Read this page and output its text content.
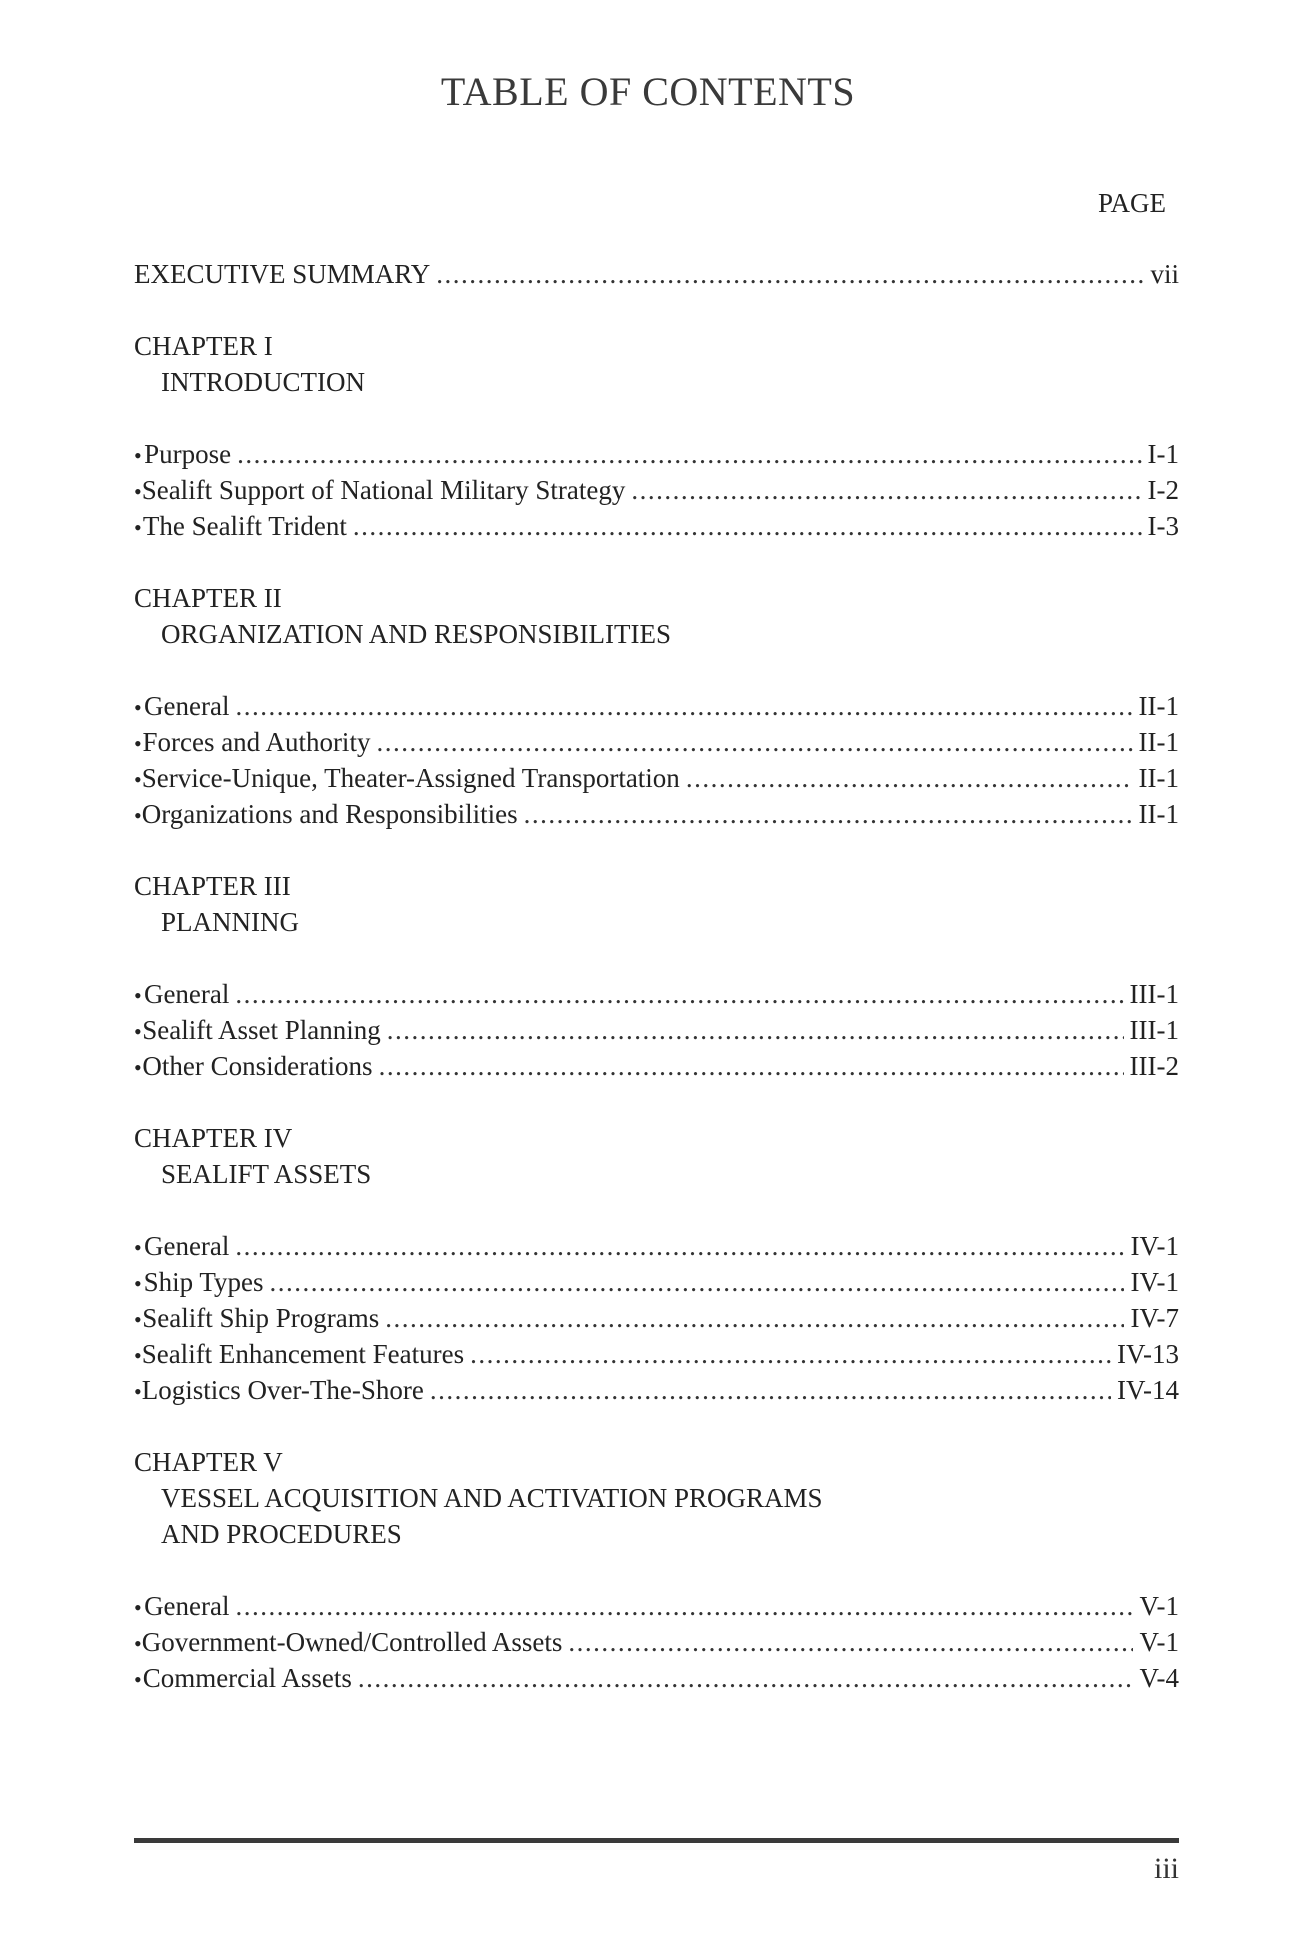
TABLE OF CONTENTS
PAGE
EXECUTIVE SUMMARY .....	vii
CHAPTER I
INTRODUCTION
• Purpose .....	I-1
• Sealift Support of National Military Strategy .....	I-2
• The Sealift Trident .....	I-3
CHAPTER II
ORGANIZATION AND RESPONSIBILITIES
• General .....	II-1
• Forces and Authority .....	II-1
• Service-Unique, Theater-Assigned Transportation .....	II-1
• Organizations and Responsibilities .....	II-1
CHAPTER III
PLANNING
• General .....	III-1
• Sealift Asset Planning .....	III-1
• Other Considerations .....	III-2
CHAPTER IV
SEALIFT ASSETS
• General .....	IV-1
• Ship Types .....	IV-1
• Sealift Ship Programs .....	IV-7
• Sealift Enhancement Features .....	IV-13
• Logistics Over-The-Shore .....	IV-14
CHAPTER V
VESSEL ACQUISITION AND ACTIVATION PROGRAMS
AND PROCEDURES
• General .....	V-1
• Government-Owned/Controlled Assets .....	V-1
• Commercial Assets .....	V-4
iii
